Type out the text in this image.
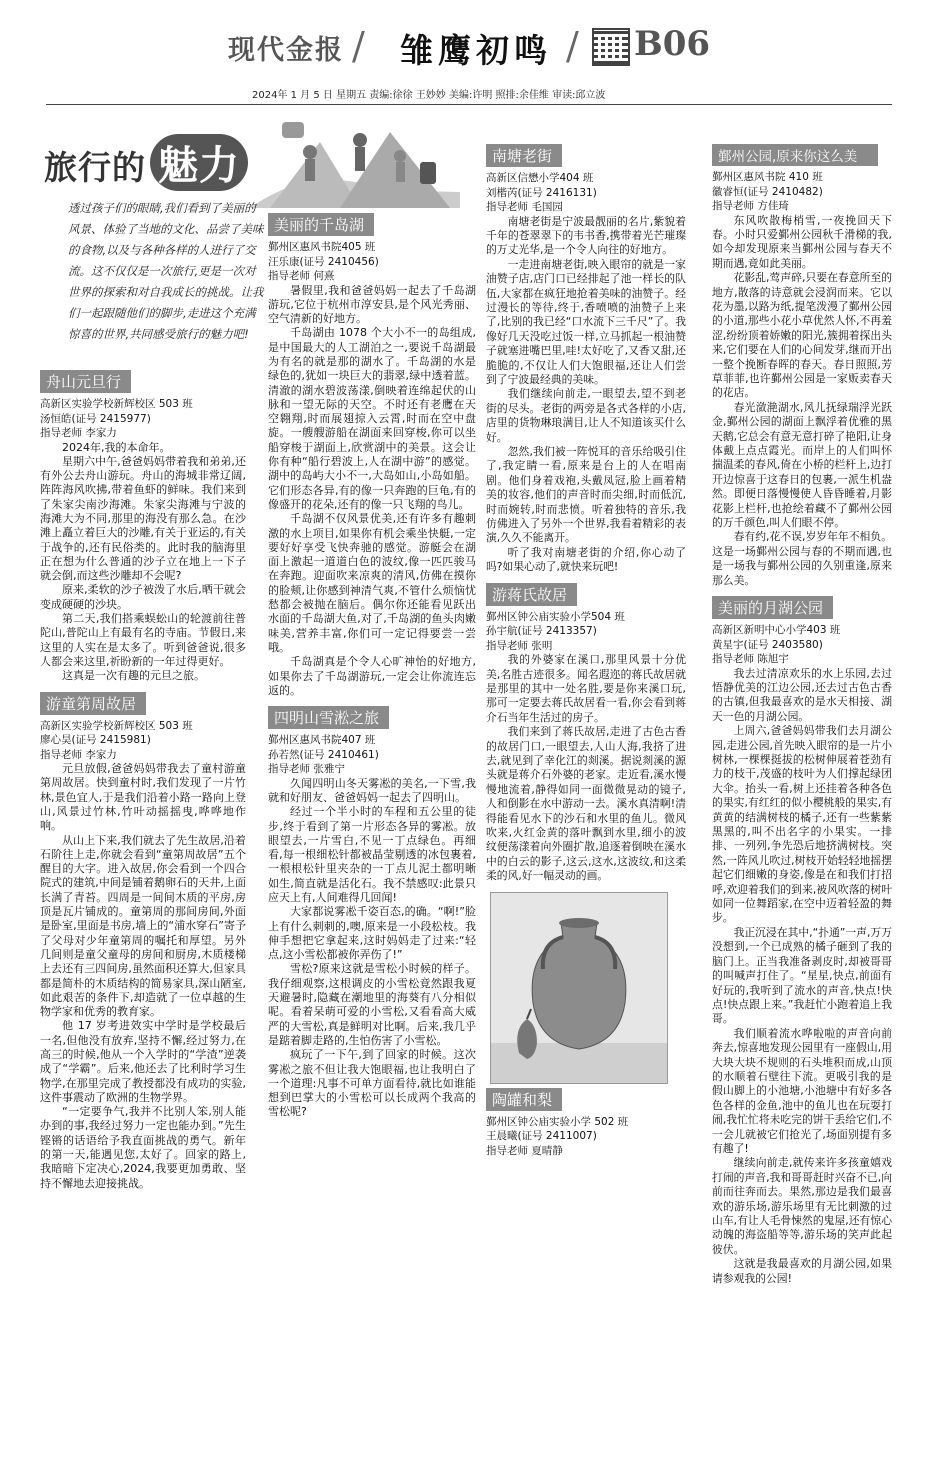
现代金报 / 雏鹰初鸣 / B06
2024年 1 月 5 日 星期五 责编:徐徐 王妙妙 美编:许明 照排:余佳维 审读:邱立波
旅行的 魅力
透过孩子们的眼睛,我们看到了美丽的风景、体验了当地的文化、品尝了美味的食物,以及与各种各样的人进行了交流。这不仅仅是一次旅行,更是一次对世界的探索和对自我成长的挑战。让我们一起跟随他们的脚步,走进这个充满惊喜的世界,共同感受旅行的魅力吧!
舟山元旦行
高新区实验学校新辉校区 503 班
汤恒皓(证号 2415977)
指导老师 李家力

2024年,我的本命年。

星期六中午,爸爸妈妈带着我和弟弟,还有外公去舟山游玩。舟山的海城非常辽阔,阵阵海风吹拂,带着鱼虾的鲜味。我们来到了朱家尖南沙海滩。朱家尖海滩与宁波的海滩大为不同,那里的海没有那么急。在沙滩上矗立着巨大的沙雕,有关于亚运的,有关于战争的,还有民俗类的。此时我的脑海里正在想为什么普通的沙子立在地上一下子就会倒,而这些沙雕却不会呢?

原来,柔软的沙子被泼了水后,晒干就会变成硬硬的沙块。

第二天,我们搭乘蜈蚣山的轮渡前往普陀山,普陀山上有最有名的寺庙。节假日,来这里的人实在是太多了。听到爸爸说,很多人都会来这里,祈盼新的一年过得更好。

这真是一次有趣的元旦之旅。

游童第周故居
高新区实验学校新辉校区 503 班
廖心昊(证号 2415981)
指导老师 李家力

元旦放假,爸爸妈妈带我去了童村游童第周故居。快到童村时,我们发现了一片竹林,景色宜人,于是我们沿着小路一路向上登山,风景过竹林,竹叶动摇摇曳,哗哗地作响。

从山上下来,我们就去了先生故居,沿着石阶往上走,你就会看到“童第周故居”五个醒目的大字。进入故居,你会看到一个四合院式的建筑,中间是铺着鹅卵石的天井,上面长满了青苔。四周是一间间木质的平房,房顶是瓦片铺成的。童第周的那间房间,外面是卧室,里面是书房,墙上的“浦水穿石”寄予了父母对少年童第周的嘱托和厚望。另外几间则是童父童母的房间和厨房,木质楼梯上去还有三四间房,虽然面积还算大,但家具都是简朴的木质结构的简易家具,深山陋室,如此艰苦的条件下,却造就了一位卓越的生物学家和优秀的教育家。

他 17 岁考进效实中学时是学校最后一名,但他没有放弃,坚持不懈,经过努力,在高三的时候,他从一个入学时的“学渣”逆袭成了“学霸”。后来,他还去了比利时学习生物学,在那里完成了教授都没有成功的实验,这件事震动了欧洲的生物学界。

“一定要争气,我并不比别人笨,别人能办到的事,我经过努力一定也能办到。”先生铿锵的话语给予我直面挑战的勇气。新年的第一天,能遇见您,太好了。回家的路上,我暗暗下定决心,2024,我要更加勇敢、坚持不懈地去迎接挑战。

美丽的千岛湖
鄞州区惠风书院405 班
汪乐康(证号 2410456)
指导老师 何熹

暑假里,我和爸爸妈妈一起去了千岛湖游玩,它位于杭州市淳安县,是个风光秀丽、空气清新的好地方。

千岛湖由 1078 个大小不一的岛组成,是中国最大的人工湖泊之一,要说千岛湖最为有名的就是那的湖水了。千岛湖的水是绿色的,犹如一块巨大的翡翠,绿中透着蓝。清澈的湖水碧波荡漾,倒映着连绵起伏的山脉和一望无际的天空。不时还有老鹰在天空翱翔,时而展翅掠入云霄,时而在空中盘旋。一艘艘游船在湖面来回穿梭,你可以坐船穿梭于湖面上,欣赏湖中的美景。这会让你有种“船行碧波上,人在湖中游”的感觉。湖中的岛屿大小不一,大岛如山,小岛如船。它们形态各异,有的像一只奔跑的巨龟,有的像盛开的花朵,还有的像一只飞翔的鸟儿。

千岛湖不仅风景优美,还有许多有趣刺激的水上项目,如果你有机会乘坐快艇,一定要好好享受飞快奔驰的感觉。游艇会在湖面上激起一道道白色的波纹,像一匹匹骏马在奔跑。迎面吹来凉爽的清风,仿佛在摸你的脸颊,让你感到神清气爽,不管什么烦恼忧愁都会被抛在脑后。偶尔你还能看见跃出水面的千岛湖大鱼,对了,千岛湖的鱼头肉嫩味美,营养丰富,你们可一定记得要尝一尝哦。

千岛湖真是个令人心旷神怡的好地方,如果你去了千岛湖游玩,一定会让你流连忘返的。

四明山雪淞之旅
鄞州区惠风书院407 班
孙若然(证号 2410461)
指导老师 张雅宁

久闻四明山冬天雾凇的美名,一下雪,我就和好朋友、爸爸妈妈一起去了四明山。

经过一个半小时的车程和五公里的徒步,终于看到了第一片形态各异的雾凇。放眼望去,一片雪白,不见一丁点绿色。再细看,每一根细松针都被晶莹剔透的冰包裹着,一根根松针里夹杂的一丁点儿泥土都明晰如生,简直就是活化石。我不禁感叹:此景只应天上有,人间难得几回闻!

大家都说雾凇千姿百态,的确。“啊!”脸上有什么刺刺的,噢,原来是一小段松枝。我伸手想把它拿起来,这时妈妈走了过来:“轻点,这小雪松都被你弄伤了!”

雪松?原来这就是雪松小时候的样子。我仔细观察,这根调皮的小雪松竟然跟我夏天避暑时,隐藏在潮地里的海葵有八分相似呢。看着呆萌可爱的小雪松,又看看高大威严的大雪松,真是鲜明对比啊。后来,我几乎是踮着脚走路的,生怕伤害了小雪松。

疯玩了一下午,到了回家的时候。这次雾凇之旅不但让我大饱眼福,也让我明白了一个道理:凡事不可单方面看待,就比如谁能想到巴掌大的小雪松可以长成两个我高的雪松呢?

南塘老街
高新区信懋小学404 班
刘楷芮(证号 2416131)
指导老师 毛国园

南塘老街是宁波最靓丽的名片,紫貌着千年的苍翠翠下的韦书香,携带着光芒璀璨的万丈光华,是一个令人向往的好地方。

一走进南塘老街,映入眼帘的就是一家油赞子店,店门口已经排起了池一样长的队伍,大家都在疯狂地抢着美味的油赞子。经过漫长的等待,终于,香喷喷的油赞子上来了,比别的我已经“口水流下三千尺”了。我像好几天没吃过饭一样,立马抓起一根油赞子就塞进嘴巴里,哇!太好吃了,又香又甜,还脆脆的,不仅让人们大饱眼福,还让人们尝到了宁波最经典的美味。

我们继续向前走,一眼望去,望不到老街的尽头。老街的两旁是各式各样的小店,店里的货物琳琅满目,让人不知道该买什么好。

忽然,我们被一阵悦耳的音乐给吸引住了,我定睛一看,原来是台上的人在唱南剧。他们身着戏袍,头戴凤冠,脸上画着精美的妆容,他们的声音时而尖细,时而低沉,时而婉转,时而悲愤。听着独特的音乐,我仿佛进入了另外一个世界,我看着精彩的表演,久久不能离开。

听了我对南塘老街的介绍,你心动了吗?如果心动了,就快来玩吧!

游蒋氏故居
鄞州区钟公庙实验小学504 班
孙宇航(证号 2413357)
指导老师 张明

我的外婆家在溪口,那里风景十分优美,名胜古迹很多。闻名遐迩的蒋氏故居就是那里的其中一处名胜,要是你来溪口玩,那可一定要去蒋氏故居看一看,你会看到蒋介石当年生活过的房子。

我们来到了蒋氏故居,走进了古色古香的故居门口,一眼望去,人山人海,我挤了进去,就见到了幸化江的剡溪。据说剡溪的源头就是蒋介石外婆的老家。走近看,溪水慢慢地流着,静得如同一面微微晃动的镜子,人和倒影在水中游动一去。溪水真清啊!清得能看见水下的沙石和水里的鱼儿。微风吹来,火红金黄的落叶飘到水里,细小的波纹便荡漾着向外圈扩散,追逐着倒映在溪水中的白云的影子,这云,这水,这波纹,和这柔柔的风,好一幅灵动的画。

陶罐和梨
鄞州区钟公庙实验小学 502 班
王晨曦(证号 2411007)
指导老师 夏晴静
鄞州公园,原来你这么美
鄞州区惠风书院 410 班
徽睿恒(证号 2410482)
指导老师 方佳琦

东风吹散梅梢雪,一夜挽回天下春。小时只爱鄞州公园秋千滑梯的我,如今却发现原来当鄞州公园与春天不期而遇,竟如此美丽。

花影乱,莺声碎,只要在春意所至的地方,散落的诗意就会浸润而来。它以花为墨,以路为纸,提笔泼漫了鄞州公园的小道,那些小花小草优然人怀,不再羞涩,纷纷顶着娇嫩的阳光,簇拥着探出头来,它们要在人们的心间发芽,继而开出一整个挽断春晖的春天。春日照照,芳草菲菲,也许鄞州公园是一家贩卖春天的花店。

春光潋滟湖水,风儿抚绿瑞浮光跃金,鄞州公园的湖面上飘浮着优雅的黑天鹅,它总会有意无意打碎了艳阳,让身体戴上点点霞光。而岸上的人们叫怀揣温柔的春风,倚在小桥的栏杆上,边打开边惊喜于这春日的包裹,一派生机盎然。即便日落慢慢使人昏昏睡着,月影花影上栏杆,也抢绘着藏不了鄞州公园的万千颜色,叫人们眼不停。

春有约,花不误,岁岁年年不相负。这是一场鄞州公园与春的不期而遇,也是一场我与鄞州公园的久别重逢,原来那么美。

美丽的月湖公园
高新区新明中心小学403 班
黄星宇(证号 2403580)
指导老师 陈旭宇

我去过清凉欢乐的水上乐园,去过悟静优美的江边公园,还去过古色古香的古镇,但我最喜欢的是水天相接、湖天一色的月湖公园。

上周六,爸爸妈妈带我们去月湖公园,走进公园,首先映入眼帘的是一片小树林,一棵棵挺拔的松树伸展着苍劲有力的枝干,茂盛的枝叶为人们撑起绿团大伞。抬头一看,树上还挂着各种各色的果实,有红红的似小樱桃般的果实,有黄黄的结满树枝的橘子,还有一些紫紫黑黑的,叫不出名字的小果实。一排排、一列列,争先恐后地挤满树枝。突然,一阵风儿吹过,树枝开始轻轻地摇摆起它们细嫩的身姿,像是在和我们打招呼,欢迎着我们的到来,被风吹落的树叶如同一位舞蹈家,在空中迈着轻盈的舞步。

我正沉浸在其中,“扑通”一声,万万没想到,一个已成熟的橘子砸到了我的脑门上。正当我准备剥皮时,却被哥哥的叫喊声打住了。“星星,快点,前面有好玩的,我听到了流水的声音,快点!快点!快点跟上来。”我赶忙小跑着追上我哥。

我们顺着流水哗啦啦的声音向前奔去,惊喜地发现公园里有一座假山,用大块大块不规则的石头堆积而成,山顶的水顺着石壁往下流。更吸引我的是假山脚上的小池塘,小池塘中有好多各色各样的金鱼,池中的鱼儿也在玩耍打闹,我忙忙将未吃完的饼干丢给它们,不一会儿就被它们抢光了,场面别提有多有趣了!

继续向前走,就传来许多孩童嬉戏打闹的声音,我和哥哥赶时兴奋不已,向前而往奔而去。果然,那边是我们最喜欢的游乐场,游乐场里有无比刺激的过山车,有让人毛骨悚然的鬼屋,还有惊心动魄的海盗船等等,游乐场的笑声此起彼伏。

这就是我最喜欢的月湖公园,如果请参观我的公园!
